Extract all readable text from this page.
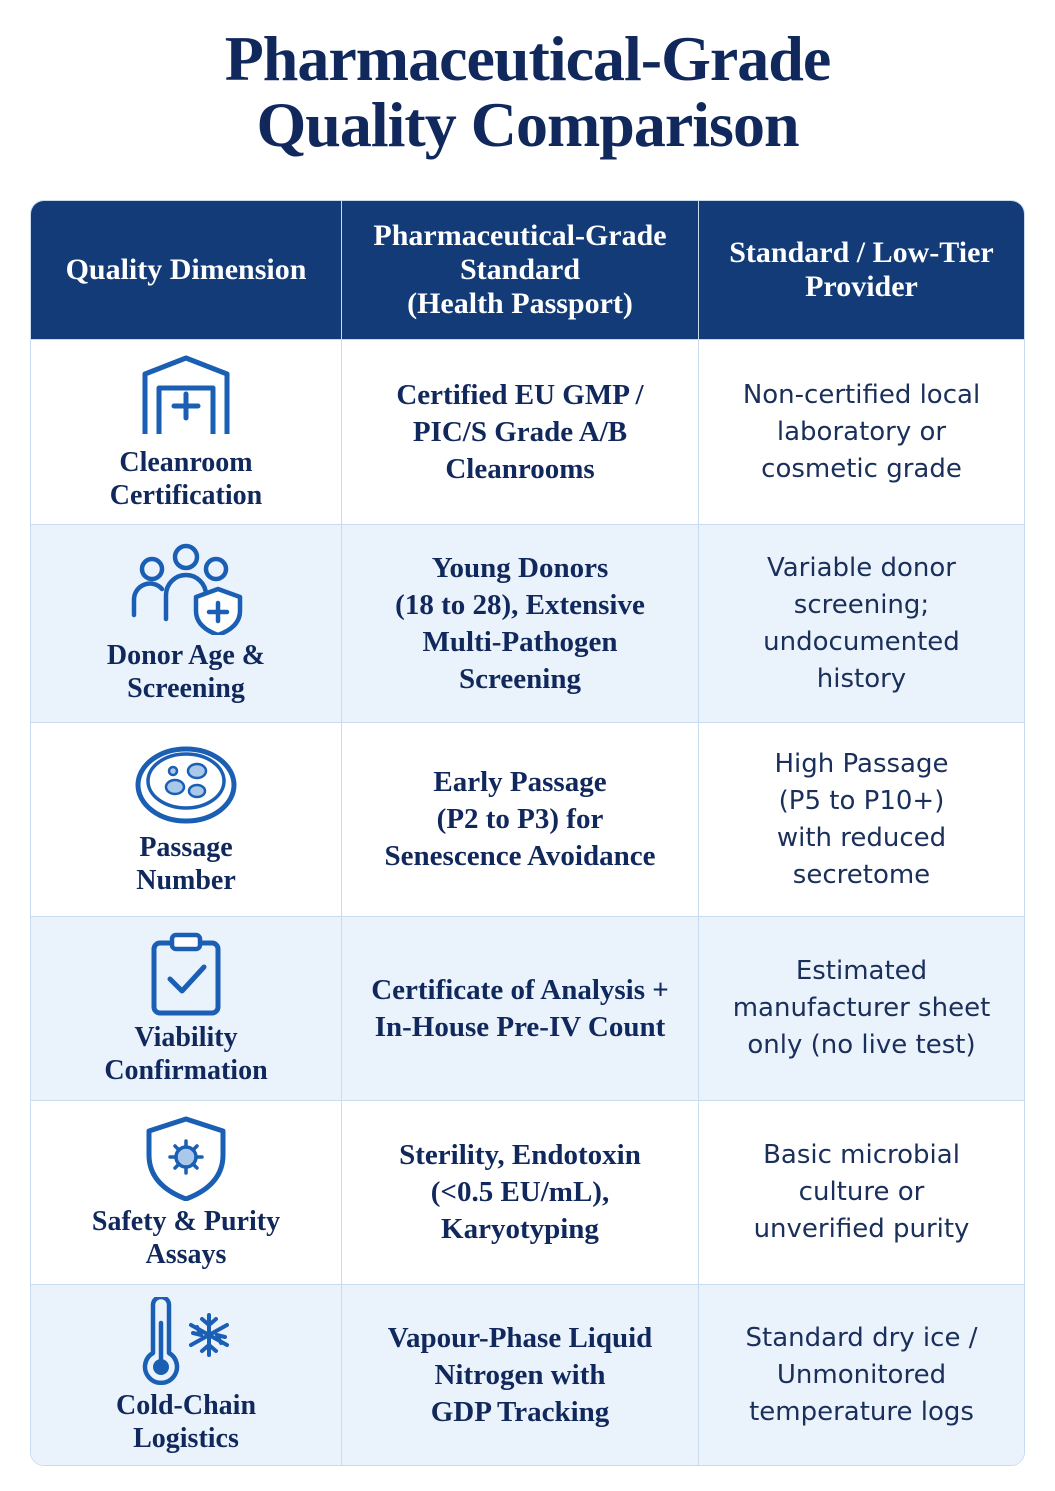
Pharmaceutical-Grade
Quality Comparison
Quality Dimension
Pharmaceutical-Grade
Standard
(Health Passport)
Standard / Low-Tier
Provider
Cleanroom
Certification
Certified EU GMP /
PIC/S Grade A/B
Cleanrooms
Non-certified local
laboratory or
cosmetic grade
Donor Age &
Screening
Young Donors
(18 to 28), Extensive
Multi-Pathogen
Screening
Variable donor
screening;
undocumented
history
Passage
Number
Early Passage
(P2 to P3) for
Senescence Avoidance
High Passage
(P5 to P10+)
with reduced
secretome
Viability
Confirmation
Certificate of Analysis +
In-House Pre-IV Count
Estimated
manufacturer sheet
only (no live test)
Safety & Purity
Assays
Sterility, Endotoxin
(<0.5 EU/mL),
Karyotyping
Basic microbial
culture or
unverified purity
Cold-Chain
Logistics
Vapour-Phase Liquid
Nitrogen with
GDP Tracking
Standard dry ice /
Unmonitored
temperature logs
